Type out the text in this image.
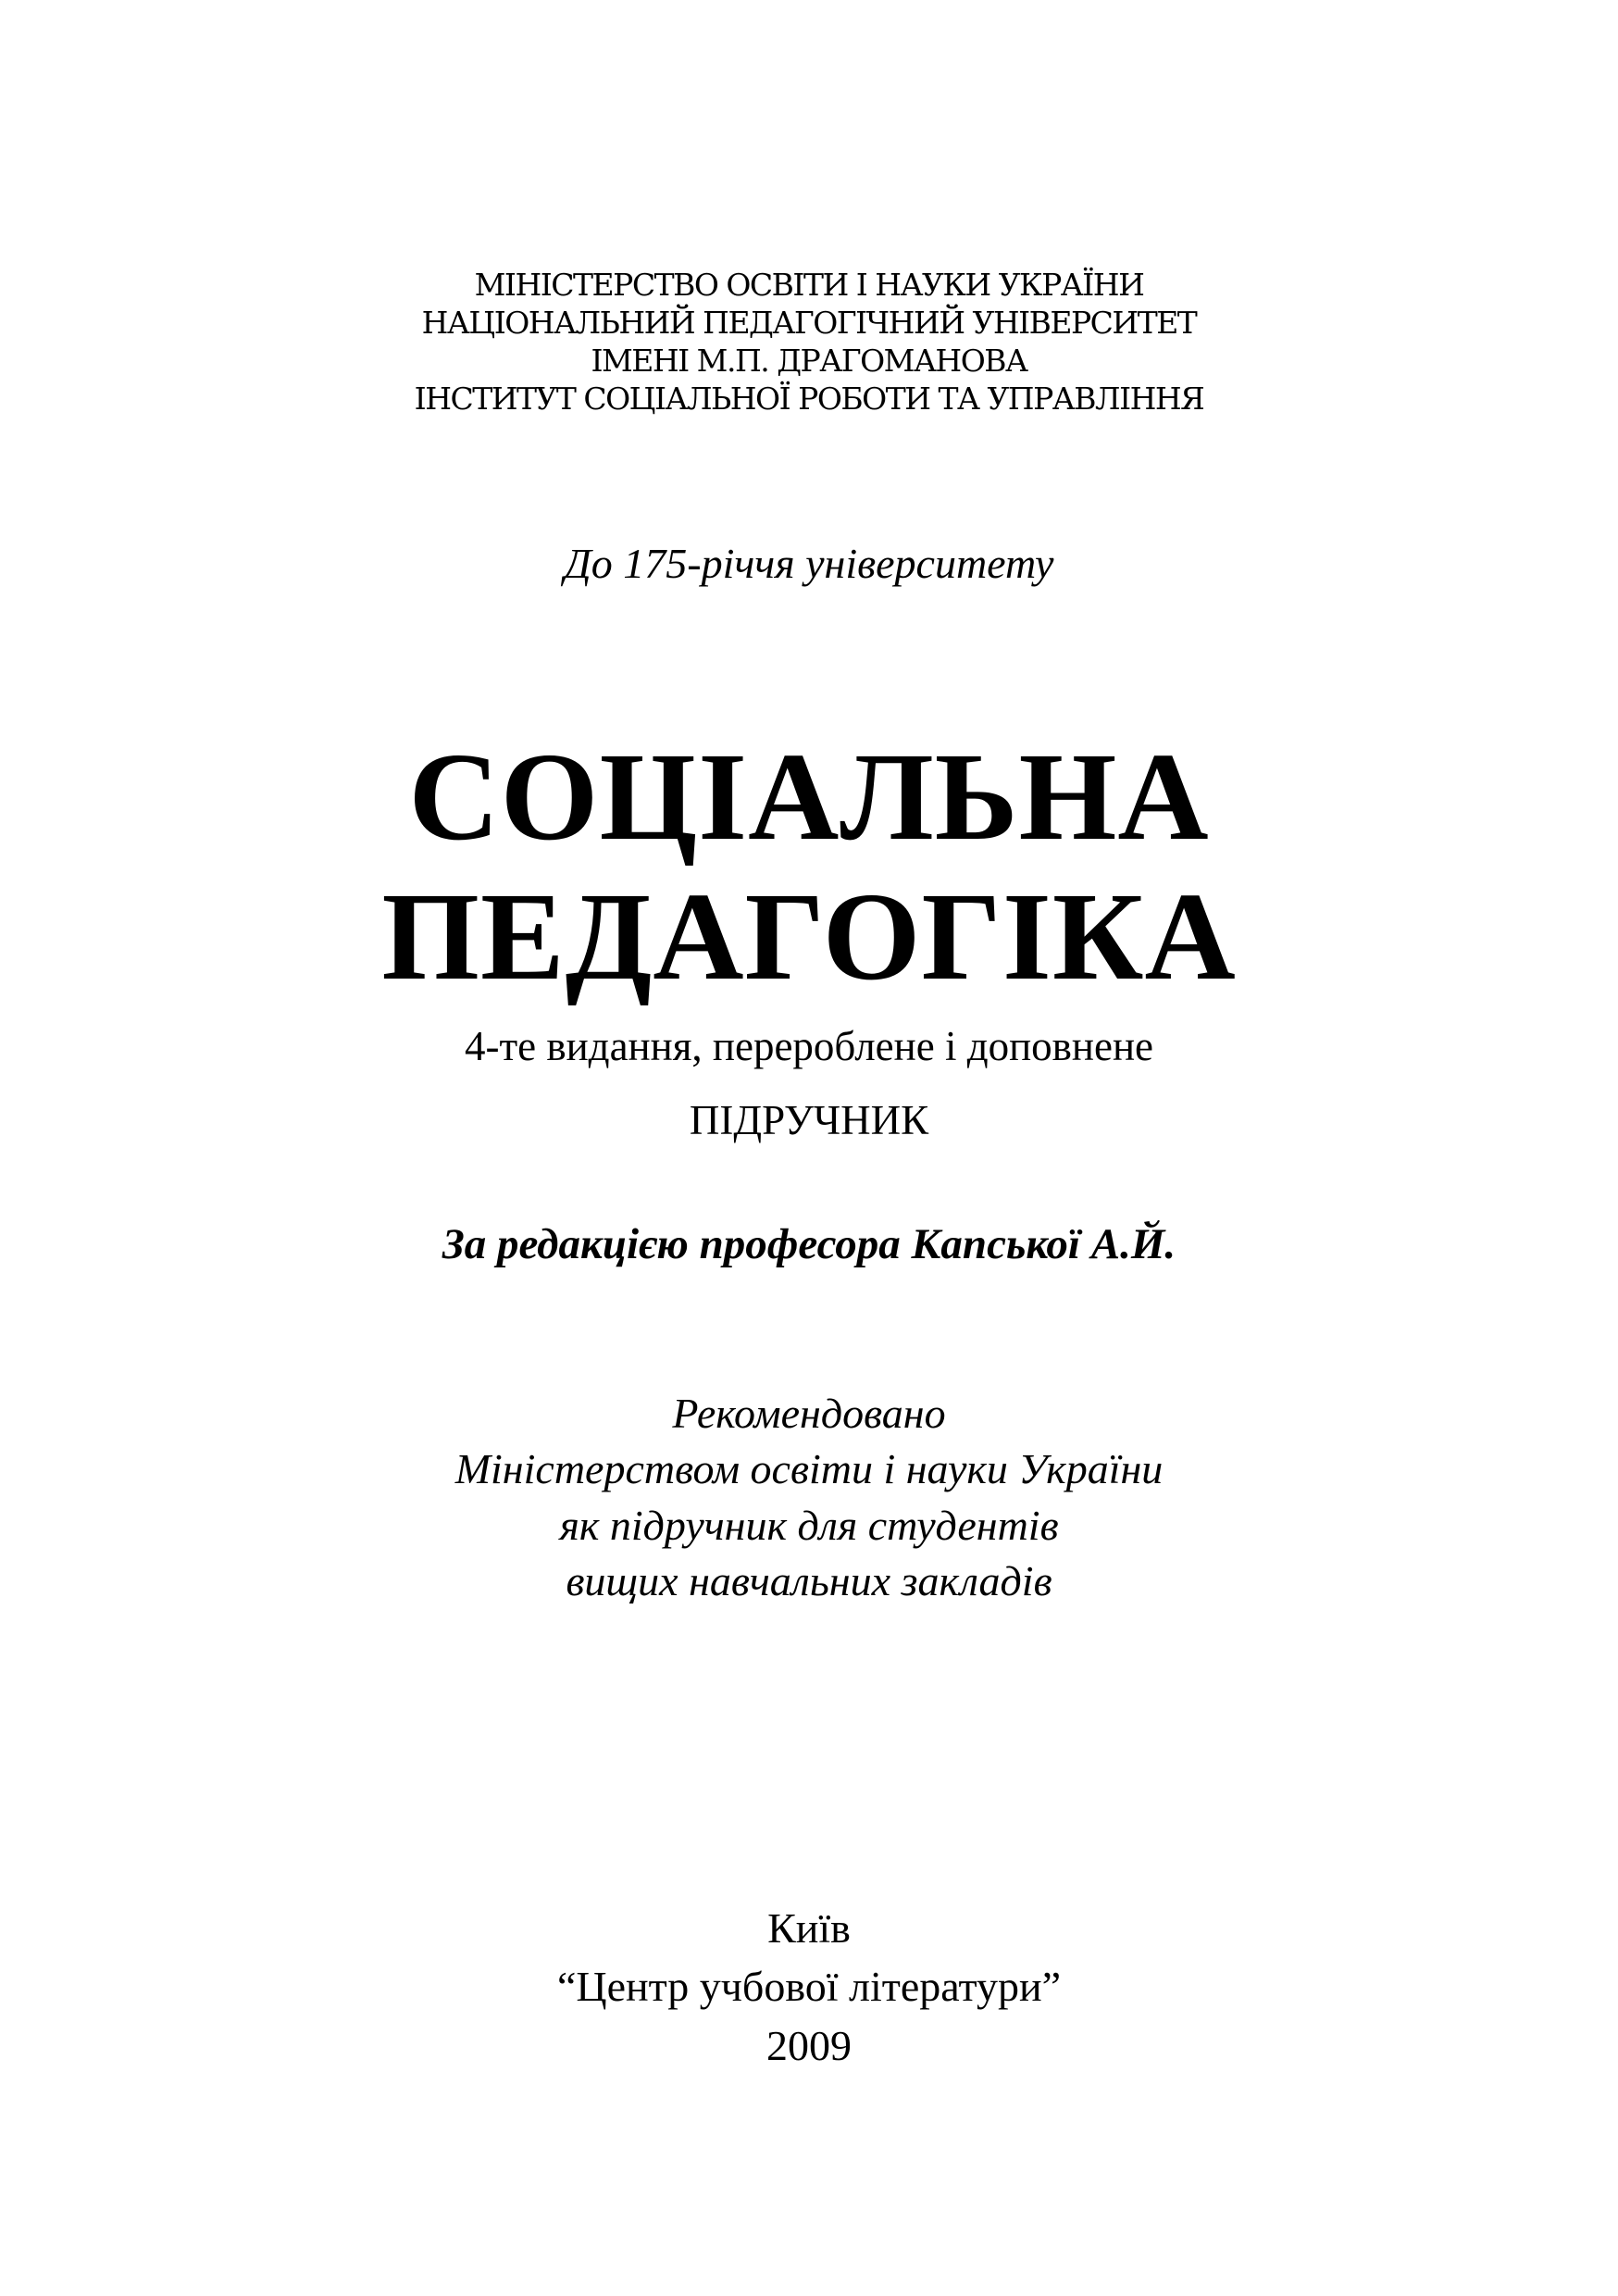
МІНІСТЕРСТВО ОСВІТИ І НАУКИ УКРАЇНИ
НАЦІОНАЛЬНИЙ ПЕДАГОГІЧНИЙ УНІВЕРСИТЕТ
ІМЕНІ М.П. ДРАГОМАНОВА
ІНСТИТУТ СОЦІАЛЬНОЇ РОБОТИ ТА УПРАВЛІННЯ
До 175-річчя університету
СОЦІАЛЬНА
ПЕДАГОГІКА
4-те видання, перероблене і доповнене
ПІДРУЧНИК
За редакцією професора Капської А.Й.
Рекомендовано
Міністерством освіти і науки України
як підручник для студентів
вищих навчальних закладів
Київ
“Центр учбової літератури”
2009
